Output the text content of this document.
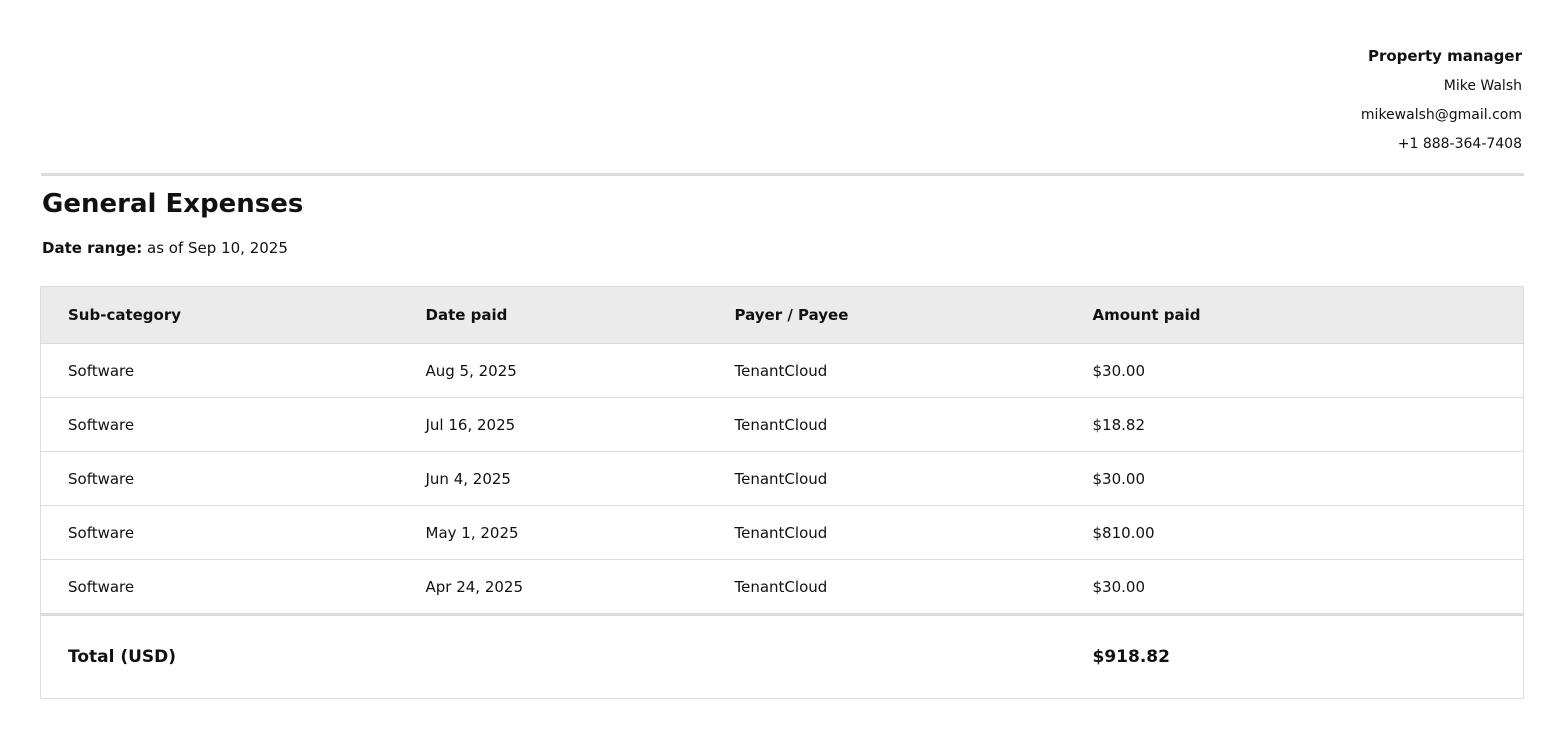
Property manager
Mike Walsh
mikewalsh@gmail.com
+1 888-364-7408
General Expenses
Date range: as of Sep 10, 2025
Sub-category	Date paid	Payer / Payee	Amount paid
Software	Aug 5, 2025	TenantCloud	$30.00
Software	Jul 16, 2025	TenantCloud	$18.82
Software	Jun 4, 2025	TenantCloud	$30.00
Software	May 1, 2025	TenantCloud	$810.00
Software	Apr 24, 2025	TenantCloud	$30.00
Total (USD)			$918.82
